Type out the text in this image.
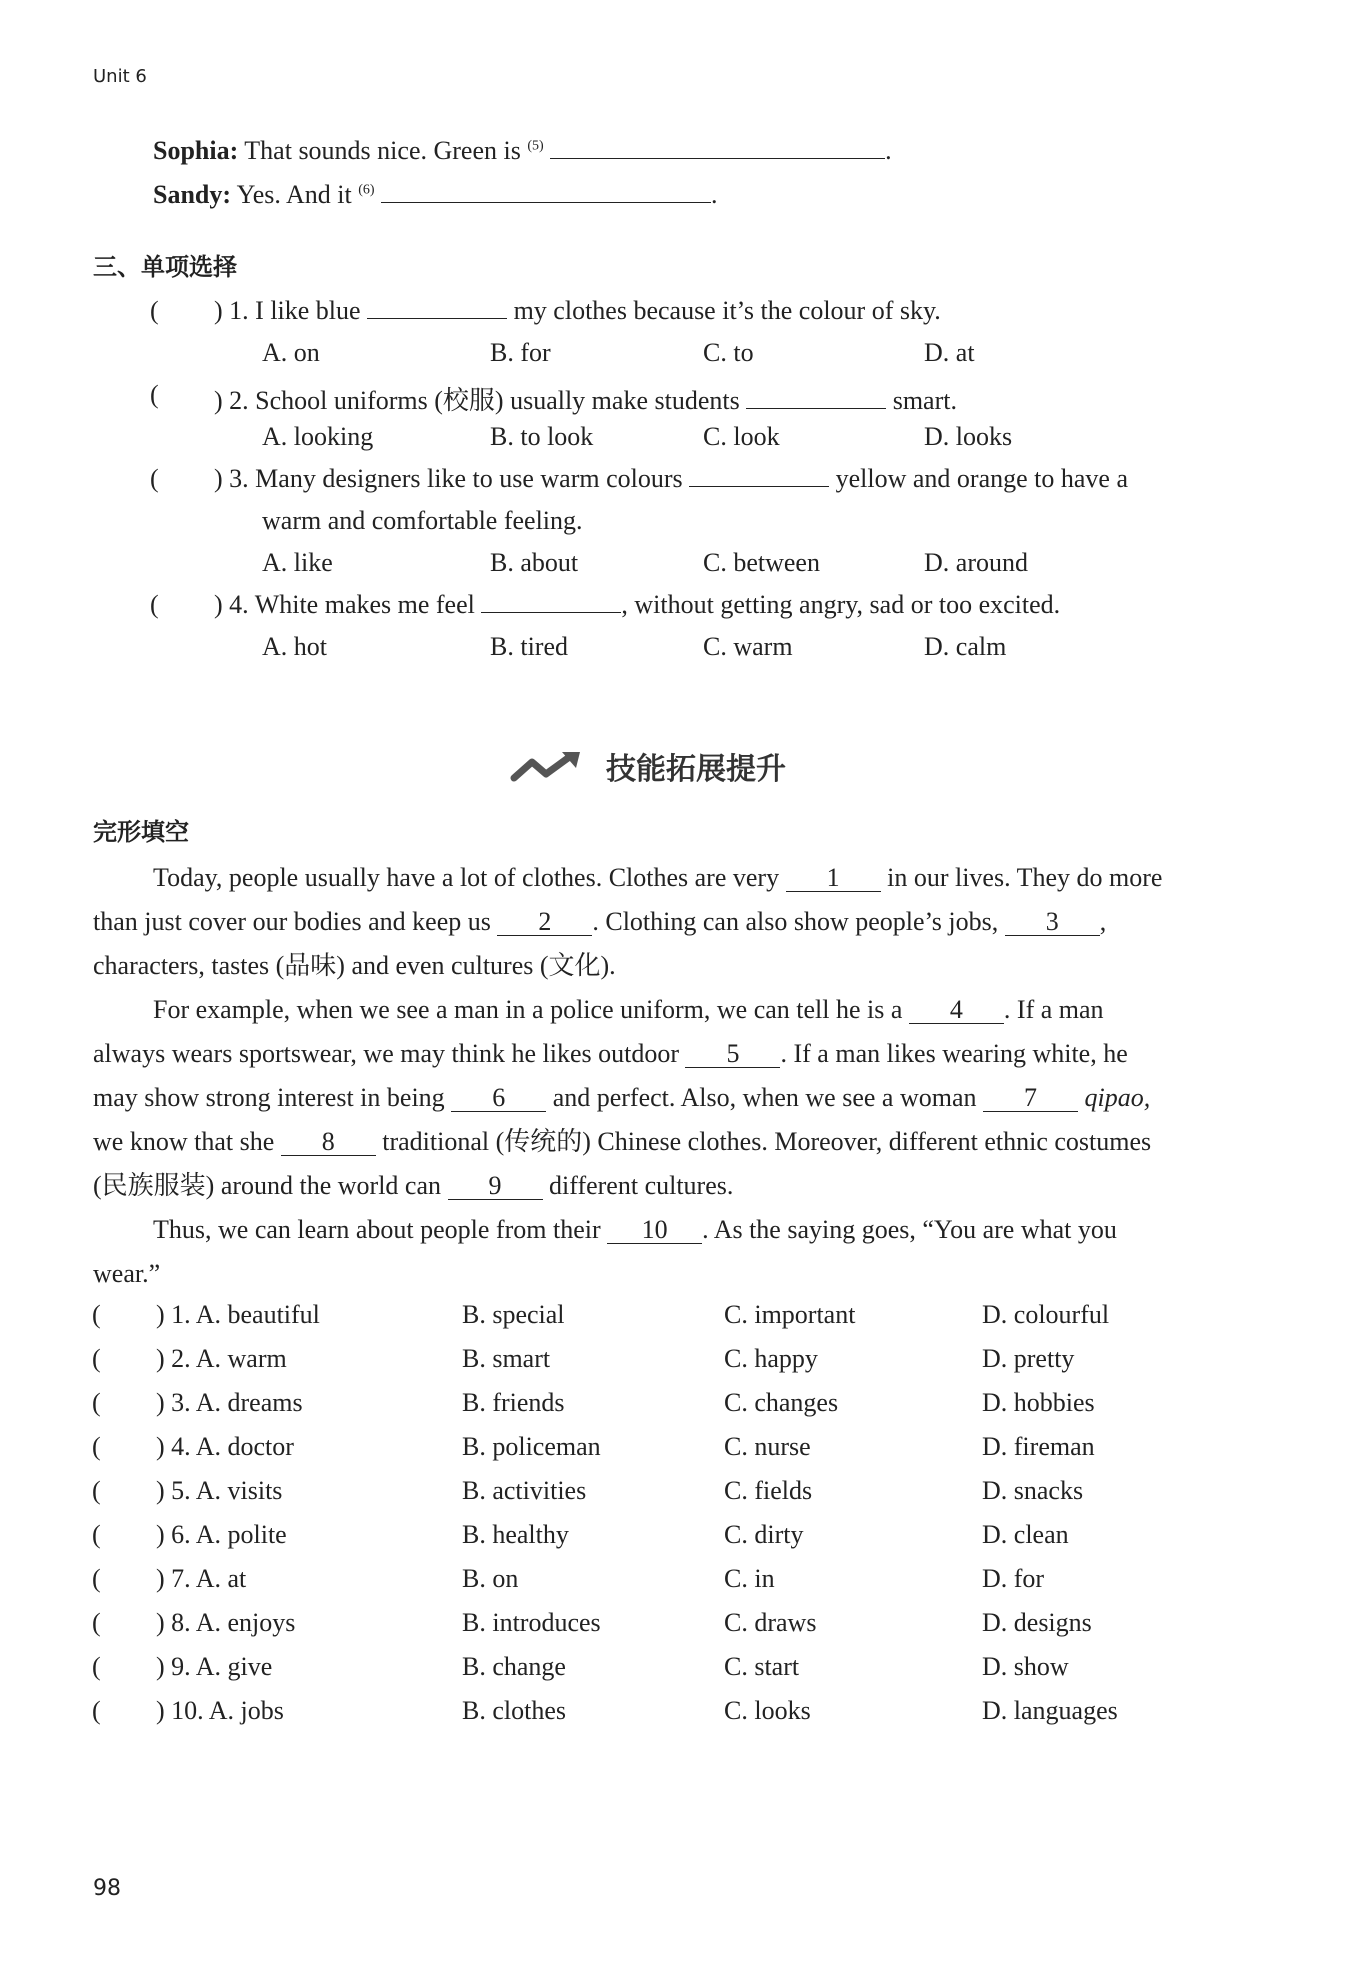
Unit 6
Sophia: That sounds nice. Green is $^{(5)}$	.
Sandy: Yes. And it $^{(6)}$	.
三、单项选择
( ) 1. I like blue	my clothes because it’s the colour of sky.
A. on	B. for	C. to	D. at
( ) 2. School uniforms (校服) usually make students	smart.
A. looking	B. to look	C. look	D. looks
( ) 3. Many designers like to use warm colours	yellow and orange to have a
warm and comfortable feeling.
A. like	B. about	C. between	D. around
( ) 4. White makes me feel	, without getting angry, sad or too excited.
A. hot	B. tired	C. warm	D. calm
技能拓展提升
完形填空
Today, people usually have a lot of clothes. Clothes are very 1 in our lives. They do more
than just cover our bodies and keep us 2 . Clothing can also show people’s jobs, 3 ,
characters, tastes (品味) and even cultures (文化).
For example, when we see a man in a police uniform, we can tell he is a 4 . If a man
always wears sportswear, we may think he likes outdoor 5 . If a man likes wearing white, he
may show strong interest in being 6 and perfect. Also, when we see a woman 7 qipao,
we know that she 8 traditional (传统的) Chinese clothes. Moreover, different ethnic costumes
(民族服装) around the world can 9 different cultures.
Thus, we can learn about people from their 10 . As the saying goes, “You are what you
wear.”
( ) 1. A. beautiful	B. special	C. important	D. colourful
( ) 2. A. warm	B. smart	C. happy	D. pretty
( ) 3. A. dreams	B. friends	C. changes	D. hobbies
( ) 4. A. doctor	B. policeman	C. nurse	D. fireman
( ) 5. A. visits	B. activities	C. fields	D. snacks
( ) 6. A. polite	B. healthy	C. dirty	D. clean
( ) 7. A. at	B. on	C. in	D. for
( ) 8. A. enjoys	B. introduces	C. draws	D. designs
( ) 9. A. give	B. change	C. start	D. show
( ) 10. A. jobs	B. clothes	C. looks	D. languages
98
